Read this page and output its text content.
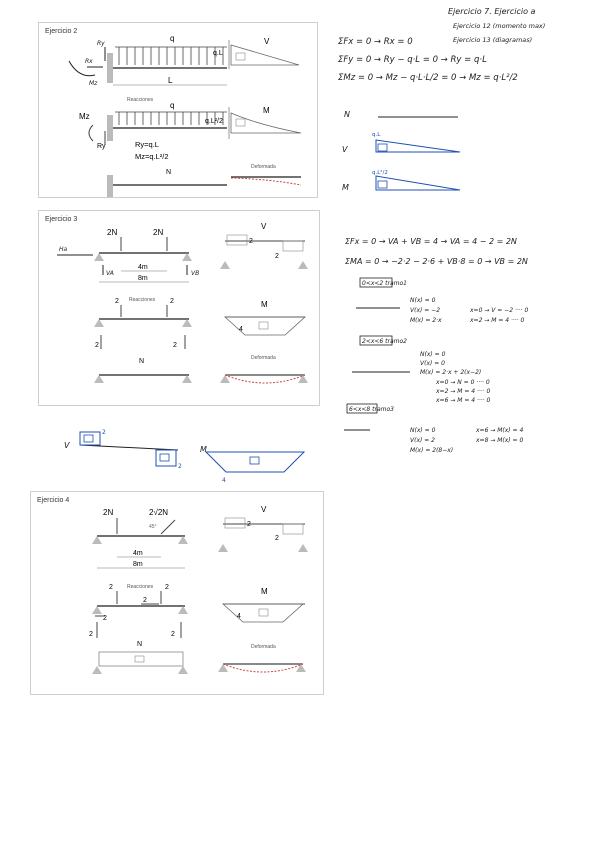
Ejercicio 7. Ejercicio a
Ejercicio 12 (momento max)
Ejercicio 13 (diagramas)
Ejercicio 2
q
L
Ry
Rx
Mz
Reacciones
q
Mz
Ry	Ry=q.L
Mz=q.L²/2
N
V
q.L
M
q.L²/2
Deformada
ΣFx = 0 → Rx = 0
ΣFy = 0 → Ry − q·L = 0 → Ry = q·L
ΣMz = 0 → Mz − q·L·L/2 = 0 → Mz = q·L²/2
N
V
q.L
M
q.L²/2
Ejercicio 3
2N	2N
4m
8m
Ha
VA	VB
Reacciones
2	2
2	2
N
V
2
2
M
4
Deformada
ΣFx = 0 → VA + VB = 4 → VA = 4 − 2 = 2N
ΣMA = 0 → −2·2 − 2·6 + VB·8 = 0 → VB = 2N
0<x<2 tramo1
N(x) = 0
V(x) = −2
M(x) = 2·x
x=0 → V = −2 ···· 0
x=2 → M = 4 ···· 0
2<x<6 tramo2
N(x) = 0
V(x) = 0
M(x) = 2·x + 2(x−2)
x=0 → N = 0 ···· 0
x=2 → M = 4 ···· 0
x=6 → M = 4 ···· 0
6<x<8 tramo3
N(x) = 0
V(x) = 2
M(x) = 2(8−x)
x=6 → M(x) = 4
x=8 → M(x) = 0
V
2
2
M
4
Ejercicio 4
2N	2√2N
45°
4m
8m
Reacciones
2	2
2
2
2	2
N
V
2
2
M
4
Deformada
